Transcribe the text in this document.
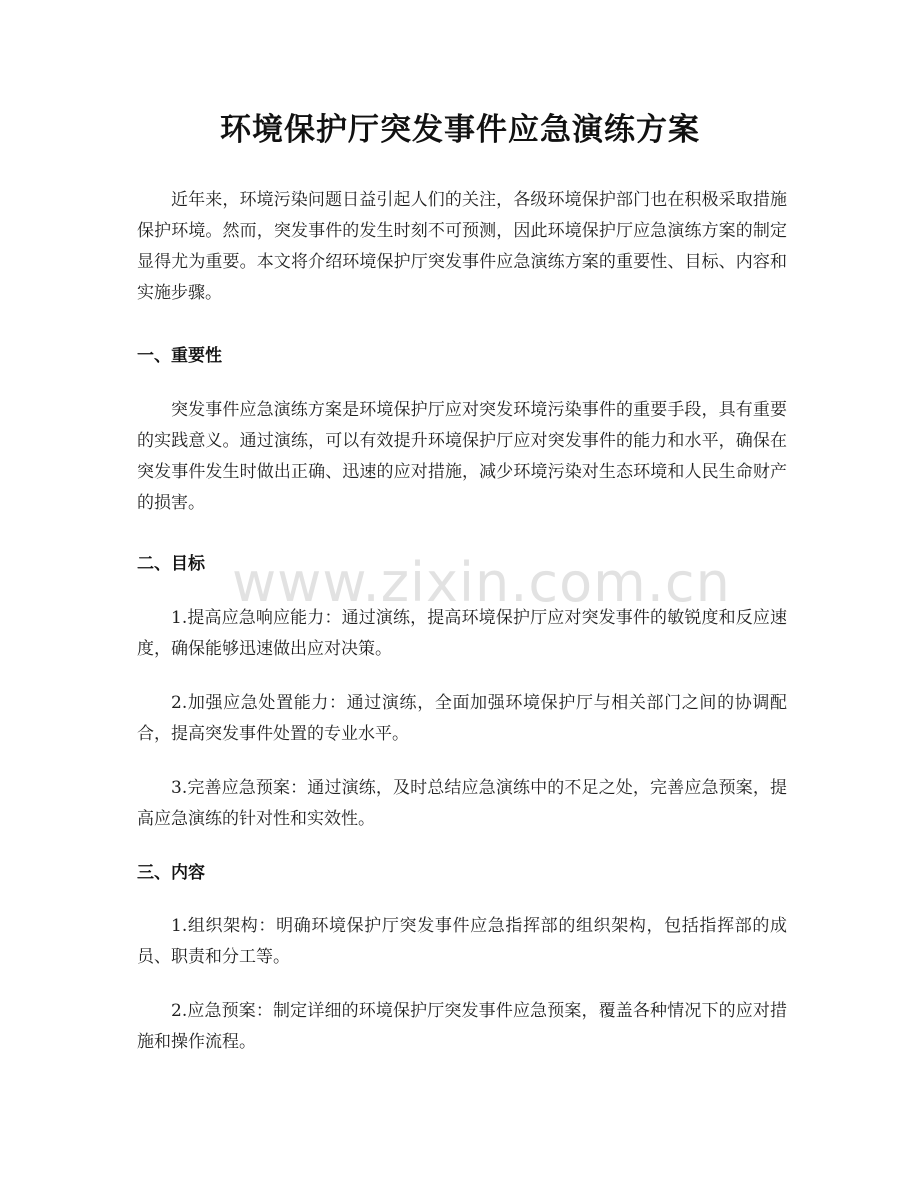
环境保护厅突发事件应急演练方案

近年来，环境污染问题日益引起人们的关注，各级环境保护部门也在积极采取措施保护环境。然而，突发事件的发生时刻不可预测，因此环境保护厅应急演练方案的制定显得尤为重要。本文将介绍环境保护厅突发事件应急演练方案的重要性、目标、内容和实施步骤。

一、重要性

突发事件应急演练方案是环境保护厅应对突发环境污染事件的重要手段，具有重要的实践意义。通过演练，可以有效提升环境保护厅应对突发事件的能力和水平，确保在突发事件发生时做出正确、迅速的应对措施，减少环境污染对生态环境和人民生命财产的损害。

二、目标

1.提高应急响应能力：通过演练，提高环境保护厅应对突发事件的敏锐度和反应速度，确保能够迅速做出应对决策。

2.加强应急处置能力：通过演练，全面加强环境保护厅与相关部门之间的协调配合，提高突发事件处置的专业水平。

3.完善应急预案：通过演练，及时总结应急演练中的不足之处，完善应急预案，提高应急演练的针对性和实效性。

三、内容

1.组织架构：明确环境保护厅突发事件应急指挥部的组织架构，包括指挥部的成员、职责和分工等。

2.应急预案：制定详细的环境保护厅突发事件应急预案，覆盖各种情况下的应对措施和操作流程。

www.zixin.com.cn
